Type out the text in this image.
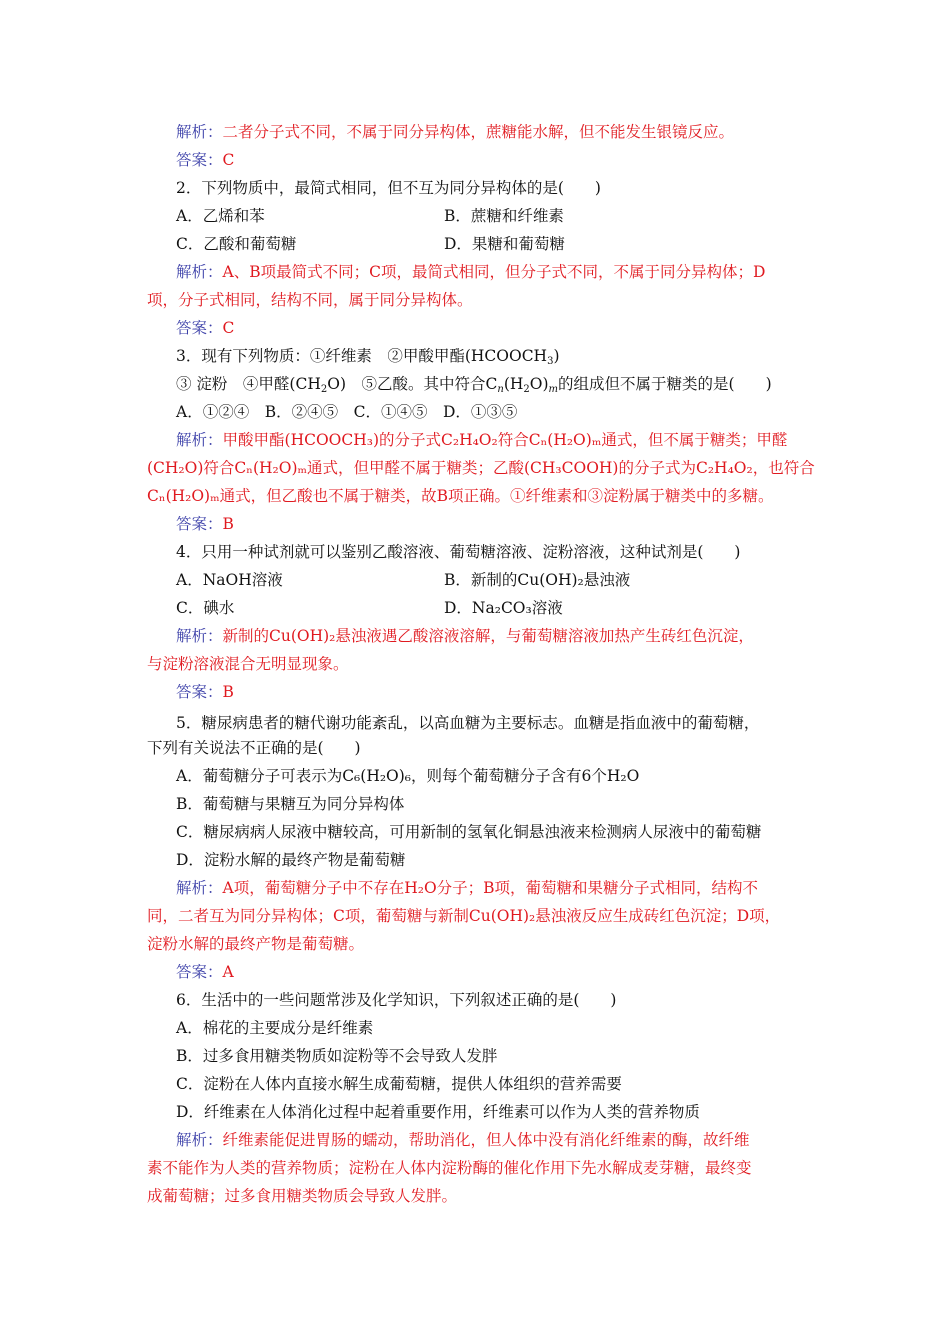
解析：二者分子式不同，不属于同分异构体，蔗糖能水解，但不能发生银镜反应。
答案：C
2．下列物质中，最简式相同，但不互为同分异构体的是(　　)
A．乙烯和苯	B．蔗糖和纤维素
C．乙酸和葡萄糖	D．果糖和葡萄糖
解析：A、B项最简式不同；C项，最简式相同，但分子式不同，不属于同分异构体；D
项，分子式相同，结构不同，属于同分异构体。
答案：C
3．现有下列物质：①纤维素　②甲酸甲酯$(HCOOCH_3)$
③ 淀粉　④甲醛$(CH_2O)$　⑤乙酸。其中符合$C_n(H_2O)_m$的组成但不属于糖类的是(　　)
A．①②④　B．②④⑤　C．①④⑤　D．①③⑤
解析：甲酸甲酯(HCOOCH₃)的分子式C₂H₄O₂符合Cₙ(H₂O)ₘ通式，但不属于糖类；甲醛
(CH₂O)符合Cₙ(H₂O)ₘ通式，但甲醛不属于糖类；乙酸(CH₃COOH)的分子式为C₂H₄O₂，也符合
Cₙ(H₂O)ₘ通式，但乙酸也不属于糖类，故B项正确。①纤维素和③淀粉属于糖类中的多糖。
答案：B
4．只用一种试剂就可以鉴别乙酸溶液、葡萄糖溶液、淀粉溶液，这种试剂是(　　)
A．NaOH溶液	B．新制的Cu(OH)₂悬浊液
C．碘水	D．Na₂CO₃溶液
解析：新制的Cu(OH)₂悬浊液遇乙酸溶液溶解，与葡萄糖溶液加热产生砖红色沉淀，
与淀粉溶液混合无明显现象。
答案：B
5．糖尿病患者的糖代谢功能紊乱，以高血糖为主要标志。血糖是指血液中的葡萄糖，
下列有关说法不正确的是(　　)
A．葡萄糖分子可表示为C₆(H₂O)₆，则每个葡萄糖分子含有6个H₂O
B．葡萄糖与果糖互为同分异构体
C．糖尿病病人尿液中糖较高，可用新制的氢氧化铜悬浊液来检测病人尿液中的葡萄糖
D．淀粉水解的最终产物是葡萄糖
解析：A项，葡萄糖分子中不存在H₂O分子；B项，葡萄糖和果糖分子式相同，结构不
同，二者互为同分异构体；C项，葡萄糖与新制Cu(OH)₂悬浊液反应生成砖红色沉淀；D项，
淀粉水解的最终产物是葡萄糖。
答案：A
6．生活中的一些问题常涉及化学知识，下列叙述正确的是(　　)
A．棉花的主要成分是纤维素
B．过多食用糖类物质如淀粉等不会导致人发胖
C．淀粉在人体内直接水解生成葡萄糖，提供人体组织的营养需要
D．纤维素在人体消化过程中起着重要作用，纤维素可以作为人类的营养物质
解析：纤维素能促进胃肠的蠕动，帮助消化，但人体中没有消化纤维素的酶，故纤维
素不能作为人类的营养物质；淀粉在人体内淀粉酶的催化作用下先水解成麦芽糖，最终变
成葡萄糖；过多食用糖类物质会导致人发胖。
